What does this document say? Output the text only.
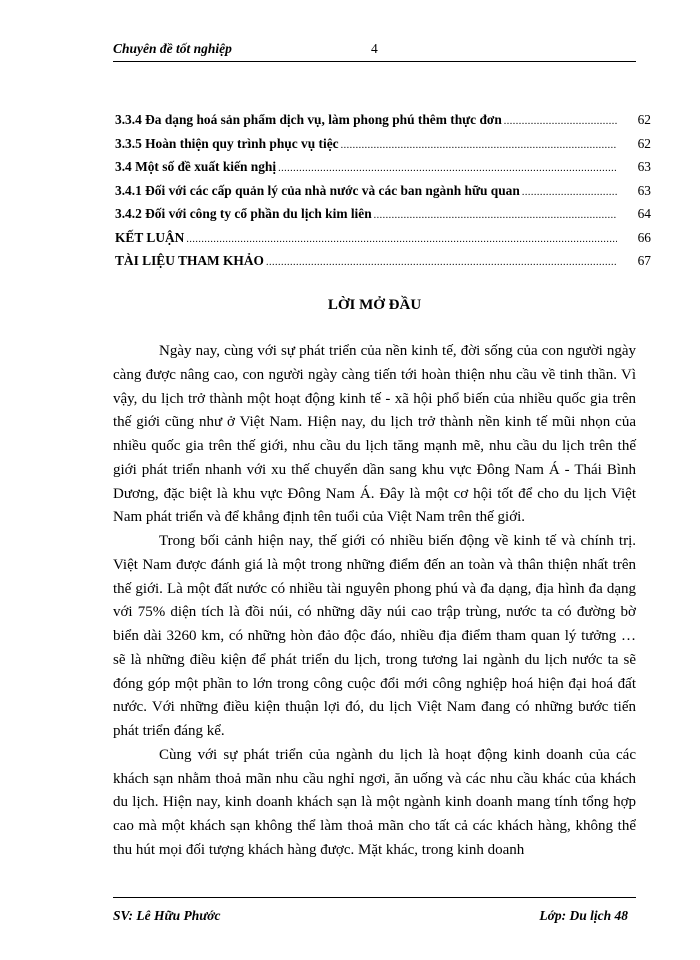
Chuyên đề tốt nghiệp	4
3.3.4 Đa dạng hoá sản phẩm dịch vụ, làm phong phú thêm thực đơn .....	62
3.3.5 Hoàn thiện quy trình phục vụ tiệc .....	62
3.4 Một số đề xuất kiến nghị .....	63
3.4.1 Đối với các cấp quản lý của nhà nước và các ban ngành hữu quan .....	63
3.4.2 Đối với công ty cổ phần du lịch kim liên .....	64
KẾT LUẬN .....	66
TÀI LIỆU THAM KHẢO .....	67
LỜI MỞ ĐẦU

Ngày nay, cùng với sự phát triển của nền kinh tế, đời sống của con người ngày càng được nâng cao, con người ngày càng tiến tới hoàn thiện nhu cầu về tinh thần. Vì vậy, du lịch trở thành một hoạt động kinh tế - xã hội phổ biến của nhiều quốc gia trên thế giới cũng như ở Việt Nam. Hiện nay, du lịch trở thành nền kinh tế mũi nhọn của nhiều quốc gia trên thế giới, nhu cầu du lịch tăng mạnh mẽ, nhu cầu du lịch trên thế giới phát triển nhanh với xu thế chuyển dần sang khu vực Đông Nam Á - Thái Bình Dương, đặc biệt là khu vực Đông Nam Á. Đây là một cơ hội tốt để cho du lịch Việt Nam phát triển và để khẳng định tên tuổi của Việt Nam trên thế giới.

Trong bối cảnh hiện nay, thế giới có nhiều biến động về kinh tế và chính trị. Việt Nam được đánh giá là một trong những điểm đến an toàn và thân thiện nhất trên thế giới. Là một đất nước có nhiều tài nguyên phong phú và đa dạng, địa hình đa dạng với 75% diện tích là đồi núi, có những dãy núi cao trập trùng, nước ta có đường bờ biển dài 3260 km, có những hòn đảo độc đáo, nhiều địa điểm tham quan lý tưởng … sẽ là những điều kiện để phát triển du lịch, trong tương lai ngành du lịch nước ta sẽ đóng góp một phần to lớn trong công cuộc đổi mới công nghiệp hoá hiện đại hoá đất nước. Với những điều kiện thuận lợi đó, du lịch Việt Nam đang có những bước tiến phát triển đáng kể.

Cùng với sự phát triển của ngành du lịch là hoạt động kinh doanh của các khách sạn nhằm thoả mãn nhu cầu nghỉ ngơi, ăn uống và các nhu cầu khác của khách du lịch. Hiện nay, kinh doanh khách sạn là một ngành kinh doanh mang tính tổng hợp cao mà một khách sạn không thể làm thoả mãn cho tất cả các khách hàng, không thể thu hút mọi đối tượng khách hàng được. Mặt khác, trong kinh doanh

SV: Lê Hữu Phước	Lớp: Du lịch 48
